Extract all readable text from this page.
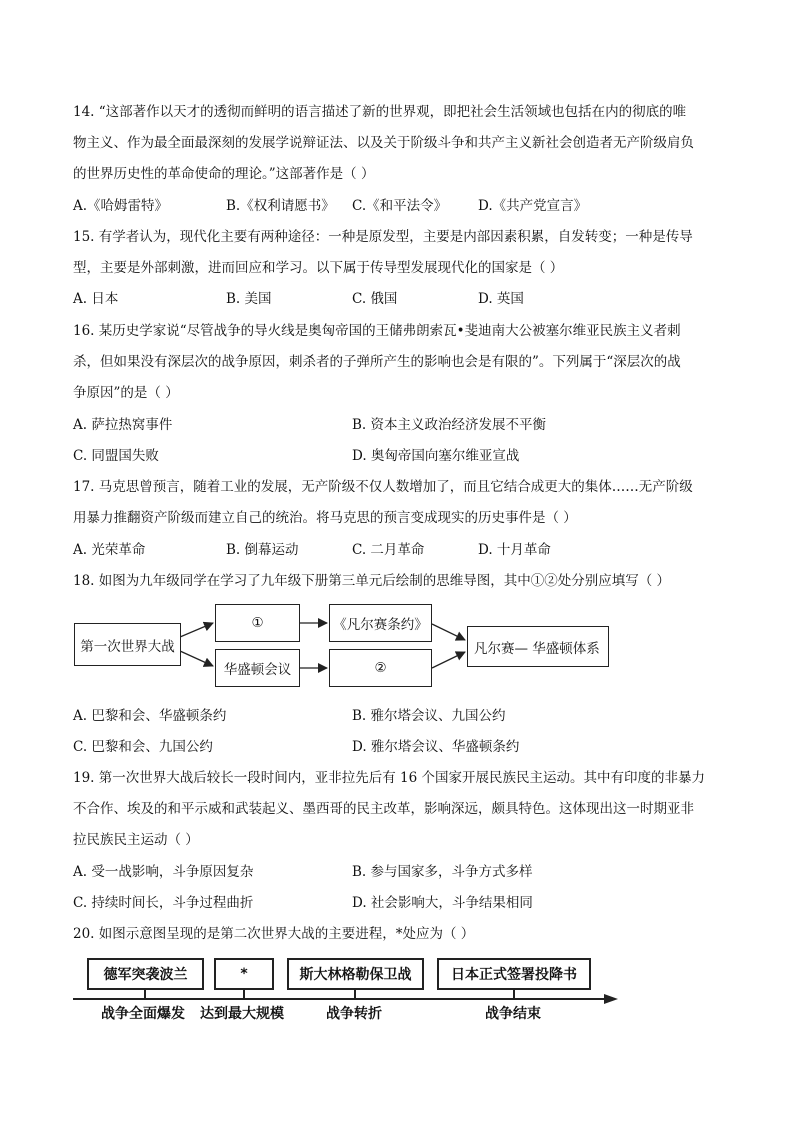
14. “这部著作以天才的透彻而鲜明的语言描述了新的世界观，即把社会生活领域也包括在内的彻底的唯
物主义、作为最全面最深刻的发展学说辩证法、以及关于阶级斗争和共产主义新社会创造者无产阶级肩负
的世界历史性的革命使命的理论。”这部著作是（ ）
A.《哈姆雷特》	B.《权利请愿书》 C.《和平法令》 D.《共产党宣言》
15. 有学者认为，现代化主要有两种途径：一种是原发型，主要是内部因素积累，自发转变；一种是传导
型，主要是外部刺激，进而回应和学习。以下属于传导型发展现代化的国家是（ ）
A. 日本	B. 美国	C. 俄国	D. 英国
16. 某历史学家说“尽管战争的导火线是奥匈帝国的王储弗朗索瓦•斐迪南大公被塞尔维亚民族主义者刺
杀，但如果没有深层次的战争原因，刺杀者的子弹所产生的影响也会是有限的”。下列属于“深层次的战
争原因”的是（ ）
A. 萨拉热窝事件	B. 资本主义政治经济发展不平衡
C. 同盟国失败	D. 奥匈帝国向塞尔维亚宣战
17. 马克思曾预言，随着工业的发展，无产阶级不仅人数增加了，而且它结合成更大的集体……无产阶级
用暴力推翻资产阶级而建立自己的统治。将马克思的预言变成现实的历史事件是（ ）
A. 光荣革命	B. 倒幕运动	C. 二月革命	D. 十月革命
18. 如图为九年级同学在学习了九年级下册第三单元后绘制的思维导图，其中①②处分别应填写（ ）
第一次世界大战
①	《凡尔赛条约》
华盛顿会议	②
凡尔赛— 华盛顿体系
A. 巴黎和会、华盛顿条约	B. 雅尔塔会议、九国公约
C. 巴黎和会、九国公约	D. 雅尔塔会议、华盛顿条约
19. 第一次世界大战后较长一段时间内，亚非拉先后有 16 个国家开展民族民主运动。其中有印度的非暴力
不合作、埃及的和平示威和武装起义、墨西哥的民主改革，影响深远，颇具特色。这体现出这一时期亚非
拉民族民主运动（ ）
A. 受一战影响，斗争原因复杂	B. 参与国家多，斗争方式多样
C. 持续时间长，斗争过程曲折	D. 社会影响大，斗争结果相同
20. 如图示意图呈现的是第二次世界大战的主要进程，*处应为（ ）
德军突袭波兰	*	斯大林格勒保卫战	日本正式签署投降书
战争全面爆发 达到最大规模	战争转折	战争结束
